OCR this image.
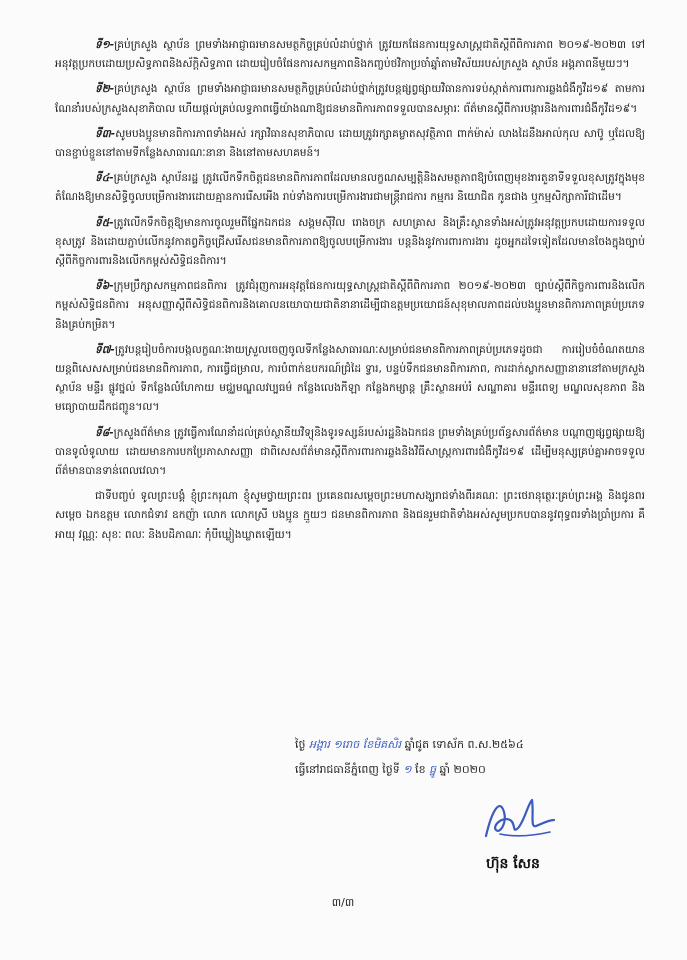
ទី១-គ្រប់ក្រសួង ស្ថាប័ន ព្រមទាំងអាជ្ញាធរមានសមត្ថកិច្ចគ្រប់លំដាប់ថ្នាក់ ត្រូវយកផែនការយុទ្ធសាស្ត្រជាតិស្តីពីពិការភាព ២០១៩-២០២៣ ទៅអនុវត្តប្រកបដោយប្រសិទ្ធភាពនិងស័ក្តិសិទ្ធភាព ដោយរៀបចំផែនការសកម្មភាពនិងកញ្ចប់ថវិកាប្រចាំឆ្នាំតាមវិស័យរបស់ក្រសួង ស្ថាប័ន អង្គភាពនីមួយៗ។

ទី២-គ្រប់ក្រសួង ស្ថាប័ន ព្រមទាំងអាជ្ញាធរមានសមត្ថកិច្ចគ្រប់លំដាប់ថ្នាក់ត្រូវបន្តផ្សព្វផ្សាយវិធានការទប់ស្កាត់ការពារការឆ្លងជំងឺកូវីដ១៩ តាមការណែនាំរបស់ក្រសួងសុខាភិបាល ហើយផ្តល់គ្រប់លទ្ធភាពធ្វើយ៉ាងណាឱ្យជនមានពិការភាពទទួលបានសម្ភារៈ ព័ត៌មានស្តីពីការបង្ការនិងការពារជំងឺកូវីដ១៩។

ទី៣-សូមបងប្អូនមានពិការភាពទាំងអស់ រក្សាវិធានសុខាភិបាល ដោយត្រូវរក្សាគម្លាតសុវត្ថិភាព ពាក់ម៉ាស់ លាងដៃនឹងអាល់កុល សាប៊ូ ឬដែលឱ្យបានខ្ជាប់ខ្ជួននៅតាមទីកន្លែងសាធារណៈនានា និងនៅតាមសហគមន៍។

ទី៤-គ្រប់ក្រសួង ស្ថាប័នរដ្ឋ ត្រូវលើកទឹកចិត្តជនមានពិការភាពដែលមានលក្ខណសម្បត្តិនិងសមត្ថភាពឱ្យបំពេញមុខងារតួនាទីទទួលខុសត្រូវក្នុងមុខតំណែងឱ្យមានសិទ្ធិចូលបម្រើការងារដោយគ្មានការរើសអើង រាប់ទាំងការបម្រើការងារជាមន្ត្រីរាជការ កម្មករ និយោជិត កូនជាង ឬកម្មសិក្សាការីជាដើម។

ទី៥-ត្រូវលើកទឹកចិត្តឱ្យមានការចូលរួមពីផ្នែកឯកជន សង្គមស៊ីវិល រោងចក្រ សហគ្រាស និងគ្រឹះស្ថានទាំងអស់ត្រូវអនុវត្តប្រកបដោយការទទួលខុសត្រូវ និងដោយភ្ជាប់លើកនូវកាតព្វកិច្ចជ្រើសរើសជនមានពិការភាពឱ្យចូលបម្រើការងារ បន្តនិងនូវការពារការងារ ដូចអ្នកដទៃទៀតដែលមានចែងក្នុងច្បាប់ស្តីពីកិច្ចការពារនិងលើកកម្ពស់សិទ្ធិជនពិការ។

ទី៦-ក្រុមប្រឹក្សាសកម្មភាពជនពិការ ត្រូវជំរុញការអនុវត្តផែនការយុទ្ធសាស្ត្រជាតិស្តីពីពិការភាព ២០១៩-២០២៣ ច្បាប់ស្តីពីកិច្ចការពារនិងលើកកម្ពស់សិទ្ធិជនពិការ អនុសញ្ញាស្តីពីសិទ្ធិជនពិការនិងគោលនយោបាយជាតិនានាដើម្បីជាឧត្តមប្រយោជន៍សុខុមាលភាពដល់បងប្អូនមានពិការភាពគ្រប់ប្រភេទនិងគ្រប់កម្រិត។

ទី៧-ត្រូវបន្តរៀបចំការបង្កលក្ខណៈងាយស្រួលចេញចូលទីកន្លែងសាធារណៈសម្រាប់ជនមានពិការភាពគ្រប់ប្រភេទដូចជា ការរៀបចំចំណតយានយន្តពិសេសសម្រាប់ជនមានពិការភាព, ការធ្វើជម្រាល, ការបំពាក់ឧបករណ៍ជ្រំដៃ ទ្វារ, បន្ទប់ទឹកជនមានពិការភាព, ការដាក់ស្លាកសញ្ញានានានៅតាមក្រសួង ស្ថាប័ន មន្ទីរ ផ្លូវថ្នល់ ទីកន្លែងលំហែកាយ មជ្ឈមណ្ឌលវប្បធម៌ កន្លែងលេងកីឡា កន្លែងកម្សាន្ត គ្រឹះស្ថានអប់រំ សណ្ឋាគារ មន្ទីរពេទ្យ មណ្ឌលសុខភាព និងមធ្យោបាយដឹកជញ្ជូន។ល។

ទី៨-ក្រសួងព័ត៌មាន ត្រូវធ្វើការណែនាំដល់គ្រប់ស្ថានីយវិទ្យុនិងទូរទស្សន៍របស់រដ្ឋនិងឯកជន ព្រមទាំងគ្រប់ប្រព័ន្ធសារព័ត៌មាន បណ្តាញផ្សព្វផ្សាយឱ្យបានទូលំទូលាយ ដោយមានការបកប្រែភាសាសញ្ញា ជាពិសេសព័ត៌មានស្តីពីការពារការឆ្លងនិងវិធីសាស្ត្រការពារជំងឺកូវីដ១៩ ដើម្បីមនុស្សគ្រប់គ្នាអាចទទួលព័ត៌មានបានទាន់ពេលវេលា។

ជាទីបញ្ចប់ ទូលព្រះបង្គំ ខ្ញុំព្រះករុណា ខ្ញុំសូមថ្វាយព្រះពរ ប្រគេនពរសម្តេចព្រះមហាសង្ឃរាជទាំងពីរគណៈ ព្រះថេរានុត្ថេរៈគ្រប់ព្រះអង្គ និងជូនពរ សម្តេច ឯកឧត្តម លោកជំទាវ ឧកញ៉ា លោក លោកស្រី បងប្អូន ក្មួយៗ ជនមានពិការភាព និងជនរួមជាតិទាំងអស់សូមប្រកបបាននូវពុទ្ធពរទាំងប្រាំប្រការ គឺ អាយុ វណ្ណៈ សុខៈ ពលៈ និងបដិភាណៈ កុំបីឃ្លៀងឃ្លាតឡើយ។

ថ្ងៃ អង្គារ ១រោច ខែមិគសិរ ឆ្នាំជូត ទោស័ក ព.ស.២៥៦៤
ធ្វើនៅរាជធានីភ្នំពេញ ថ្ងៃទី ១ ខែ ធ្នូ ឆ្នាំ ២០២០
ហ៊ុន សែន
៣/៣
